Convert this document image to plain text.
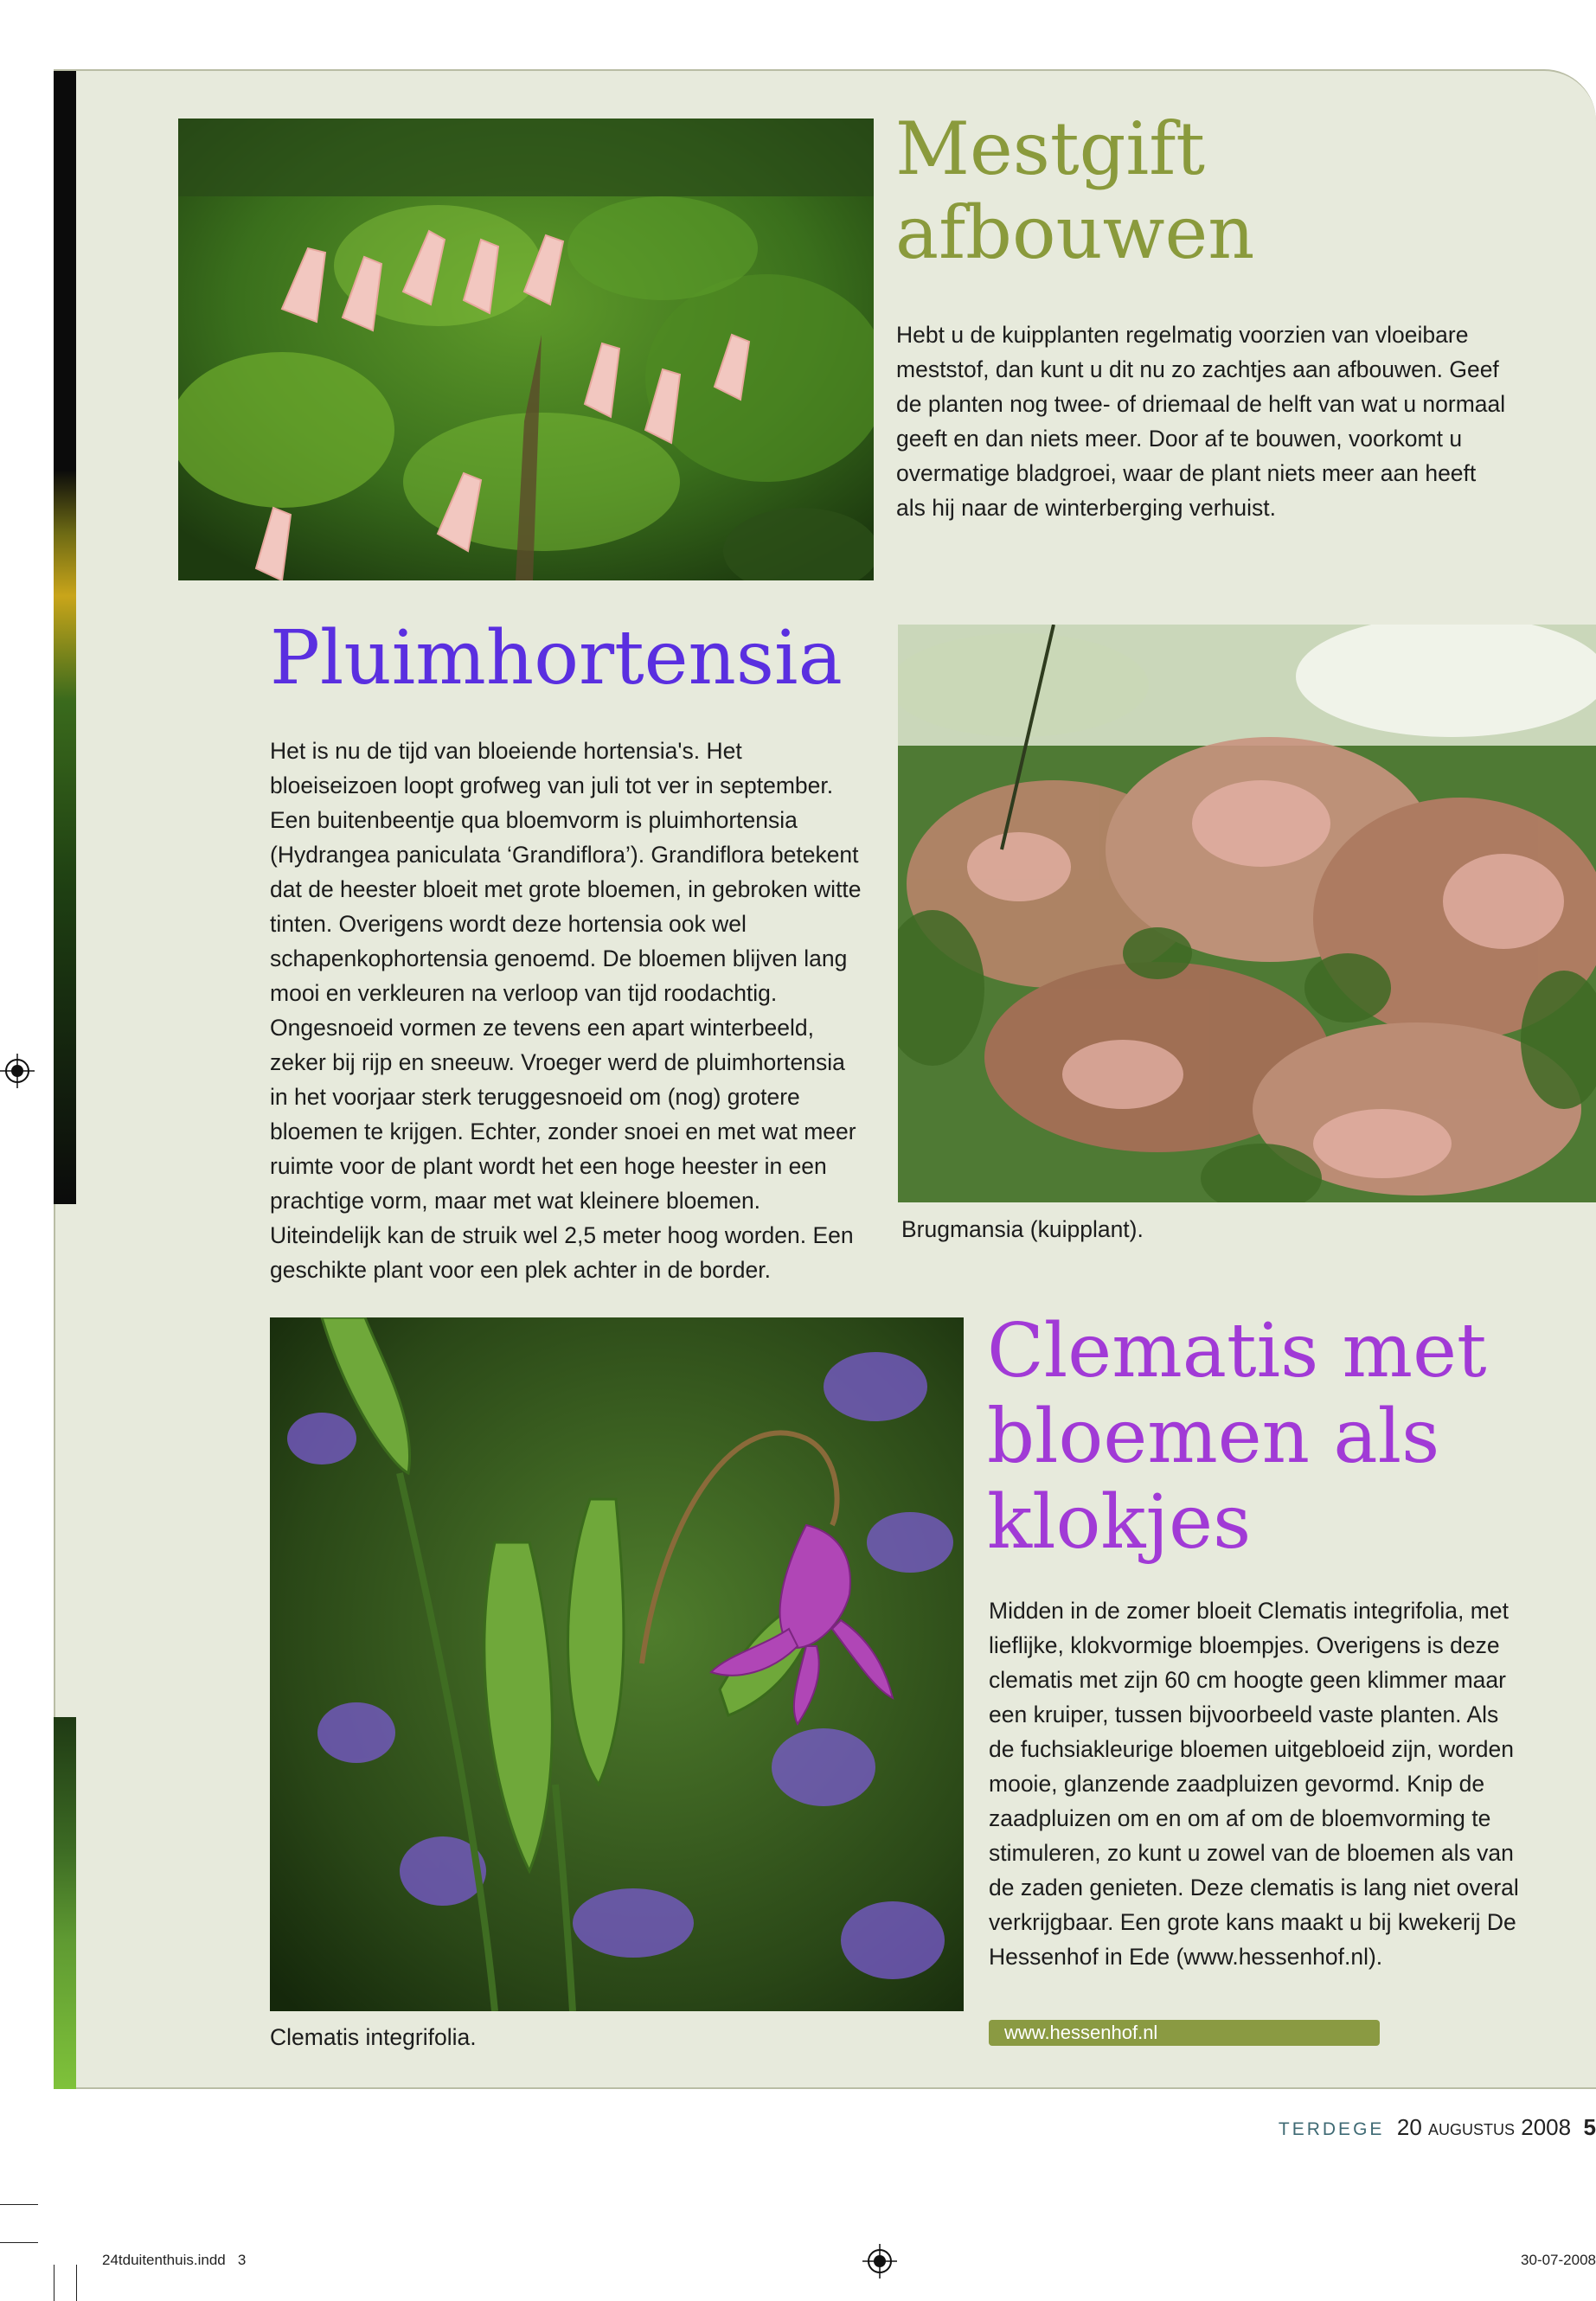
Mestgift
afbouwen

Hebt u de kuipplanten regelmatig voorzien van vloeibare meststof, dan kunt u dit nu zo zachtjes aan afbouwen. Geef de planten nog twee- of driemaal de helft van wat u normaal geeft en dan niets meer. Door af te bouwen, voorkomt u overmatige bladgroei, waar de plant niets meer aan heeft als hij naar de winterberging verhuist.

Pluimhortensia

Het is nu de tijd van bloeiende hortensia's. Het bloeiseizoen loopt grofweg van juli tot ver in september. Een buitenbeentje qua bloemvorm is pluimhortensia (Hydrangea paniculata ‘Grandiflora’). Grandiflora betekent dat de heester bloeit met grote bloemen, in gebroken witte tinten. Overigens wordt deze hortensia ook wel schapenkophortensia genoemd. De bloemen blijven lang mooi en verkleuren na verloop van tijd roodachtig. Ongesnoeid vormen ze tevens een apart winterbeeld, zeker bij rijp en sneeuw. Vroeger werd de pluimhortensia in het voorjaar sterk teruggesnoeid om (nog) grotere bloemen te krijgen. Echter, zonder snoei en met wat meer ruimte voor de plant wordt het een hoge heester in een prachtige vorm, maar met wat kleinere bloemen. Uiteindelijk kan de struik wel 2,5 meter hoog worden. Een geschikte plant voor een plek achter in de border.

Brugmansia (kuipplant).

Clematis integrifolia.

Clematis met
bloemen als
klokjes

Midden in de zomer bloeit Clematis integrifolia, met lieflijke, klokvormige bloempjes. Overigens is deze clematis met zijn 60 cm hoogte geen klimmer maar een kruiper, tussen bijvoorbeeld vaste planten. Als de fuchsiakleurige bloemen uitgebloeid zijn, worden mooie, glanzende zaadpluizen gevormd. Knip de zaadpluizen om en om af om de bloemvorming te stimuleren, zo kunt u zowel van de bloemen als van de zaden genieten. Deze clematis is lang niet overal verkrijgbaar. Een grote kans maakt u bij kwekerij De Hessenhof in Ede (www.hessenhof.nl).

www.hessenhof.nl
TERDEGE 20 augustus 2008 5
24tduitenthuis.indd   3	30-07-2008
